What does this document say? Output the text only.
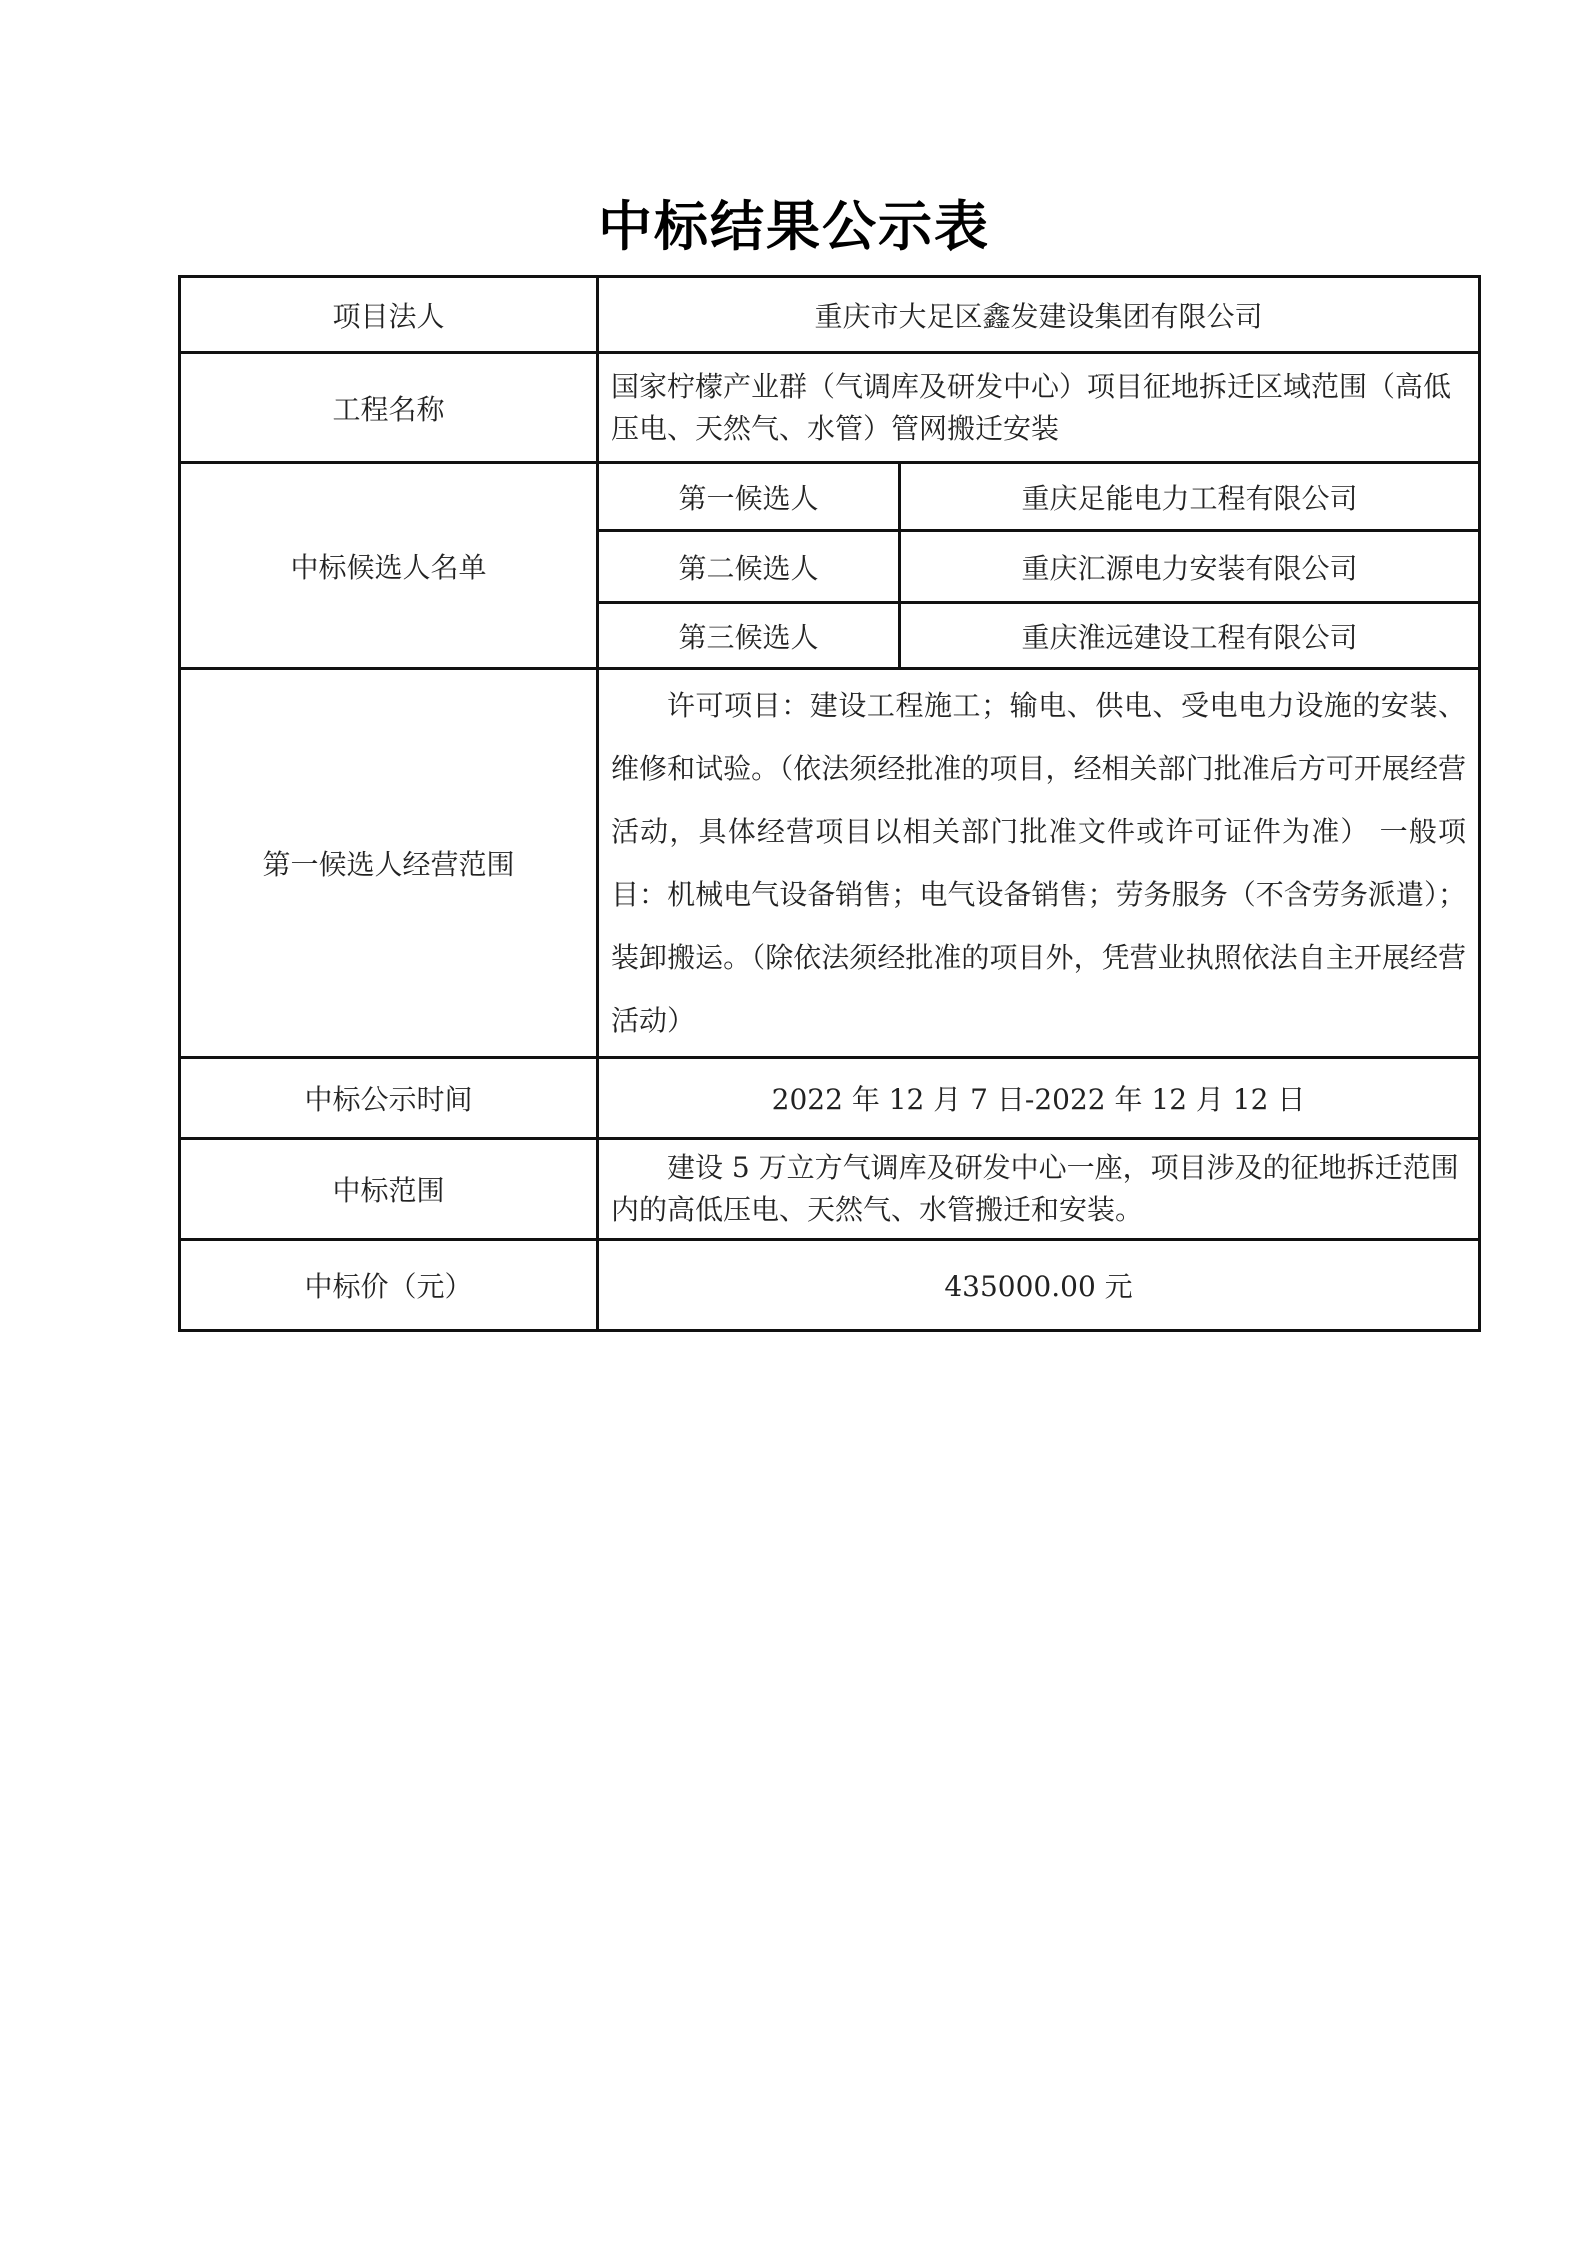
中标结果公示表
项目法人	重庆市大足区鑫发建设集团有限公司	
工程名称	国家柠檬产业群（气调库及研发中心）项目征地拆迁区域范围（高低压电、天然气、水管）管网搬迁安装	
中标候选人名单	第一候选人	重庆足能电力工程有限公司
	第二候选人	重庆汇源电力安装有限公司
	第三候选人	重庆淮远建设工程有限公司
第一候选人经营范围	许可项目：建设工程施工；输电、供电、受电电力设施的安装、维修和试验。（依法须经批准的项目，经相关部门批准后方可开展经营活动，具体经营项目以相关部门批准文件或许可证件为准） 一般项目：机械电气设备销售；电气设备销售；劳务服务（不含劳务派遣）；装卸搬运。（除依法须经批准的项目外，凭营业执照依法自主开展经营活动）	
中标公示时间	2022 年 12 月 7 日-2022 年 12 月 12 日	
中标范围	建设 5 万立方气调库及研发中心一座，项目涉及的征地拆迁范围内的高低压电、天然气、水管搬迁和安装。	
中标价（元）	435000.00 元	
